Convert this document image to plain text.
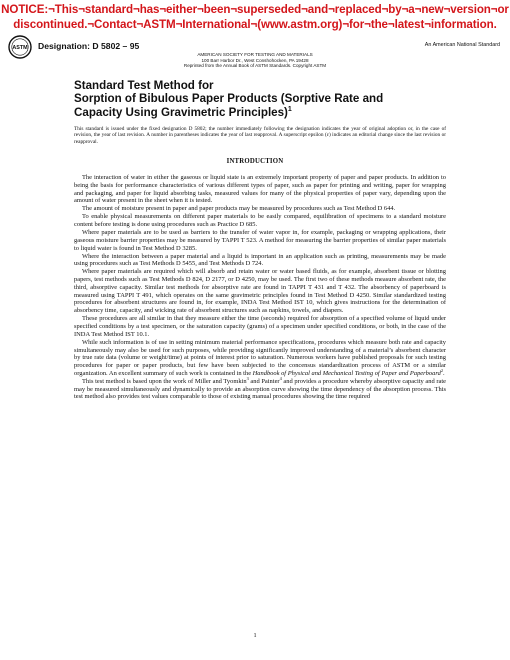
NOTICE:¬This¬standard¬has¬either¬been¬superseded¬and¬replaced¬by¬a¬new¬version¬or
discontinued.¬Contact¬ASTM¬International¬(www.astm.org)¬for¬the¬latest¬information.
ASTM Designation: D 5802 – 95	An American National Standard
AMERICAN SOCIETY FOR TESTING AND MATERIALS
100 Barr Harbor Dr., West Conshohocken, PA 19428
Reprinted from the Annual Book of ASTM Standards. Copyright ASTM
Standard Test Method for
Sorption of Bibulous Paper Products (Sorptive Rate and
Capacity Using Gravimetric Principles)$^1$
This standard is issued under the fixed designation D 5802; the number immediately following the designation indicates the year of original adoption or, in the case of revision, the year of last revision. A number in parentheses indicates the year of last reapproval. A superscript epsilon (ε) indicates an editorial change since the last revision or reapproval.
INTRODUCTION

The interaction of water in either the gaseous or liquid state is an extremely important property of paper and paper products. In addition to being the basis for performance characteristics of various different types of paper, such as paper for printing and writing, paper for wrapping and packaging, and paper for liquid absorbing tasks, measured values for many of the physical properties of paper vary, depending upon the amount of water present in the sheet when it is tested.

The amount of moisture present in paper and paper products may be measured by procedures such as Test Method D 644.

To enable physical measurements on different paper materials to be easily compared, equilibration of specimens to a standard moisture content before testing is done using procedures such as Practice D 685.

Where paper materials are to be used as barriers to the transfer of water vapor in, for example, packaging or wrapping applications, their gaseous moisture barrier properties may be measured by TAPPI T 523. A method for measuring the barrier properties of similar paper materials to liquid water is found in Test Method D 3285.

Where the interaction between a paper material and a liquid is important in an application such as printing, measurements may be made using procedures such as Test Methods D 5455, and Test Methods D 724.

Where paper materials are required which will absorb and retain water or water based fluids, as for example, absorbent tissue or blotting papers, test methods such as Test Methods D 824, D 2177, or D 4250, may be used. The first two of these methods measure absorbent rate, the third, absorptive capacity. Similar test methods for absorptive rate are found in TAPPI T 431 and T 432. The absorbency of paperboard is measured using TAPPI T 491, which operates on the same gravimetric principles found in Test Method D 4250. Similar standardized testing procedures for absorbent structures are found in, for example, INDA Test Method IST 10, which gives instructions for the determination of absorbency time, capacity, and wicking rate of absorbent structures such as napkins, towels, and diapers.

These procedures are all similar in that they measure either the time (seconds) required for absorption of a specified volume of liquid under specified conditions by a test specimen, or the saturation capacity (grams) of a specimen under specified conditions, or both, in the case of the INDA Test Method IST 10.1.

While such information is of use in setting minimum material performance specifications, procedures which measure both rate and capacity simultaneously may also be used for such purposes, while providing significantly improved understanding of a material’s absorbent character by true rate data (volume or weight/time) at points of interest prior to saturation. Numerous workers have published proposals for such testing procedures for paper or paper products, but few have been subjected to the concensus standardization process of ASTM or a similar organization. An excellent summary of such work is contained in the Handbook of Physical and Mechanical Testing of Paper and Paperboard$^2$.

This test method is based upon the work of Miller and Tyomkin$^3$ and Painter$^4$ and provides a procedure whereby absorptive capacity and rate may be measured simultaneously and dynamically to provide an absorption curve showing the time dependency of the absorption process. This test method also provides test values comparable to those of existing manual procedures showing the time required

1
